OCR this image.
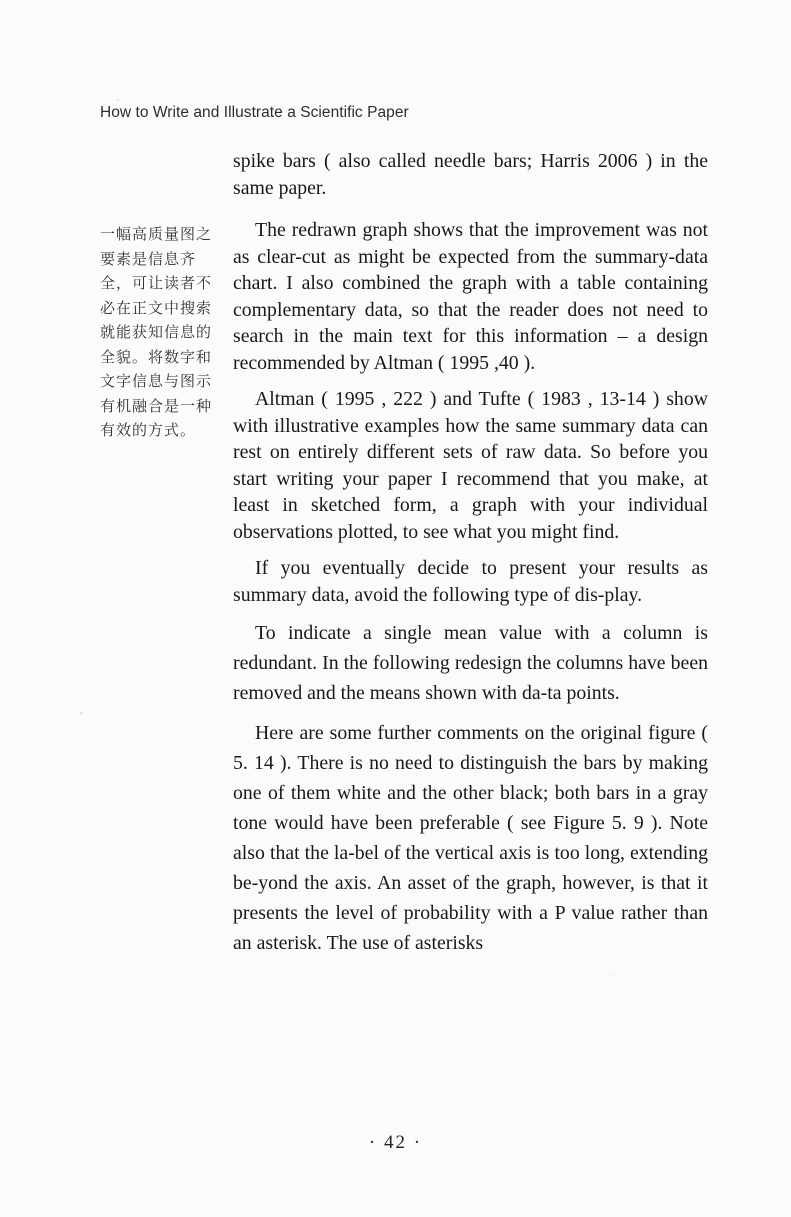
How to Write and Illustrate a Scientific Paper
一幅高质量图之要素是信息齐全，可让读者不必在正文中搜索就能获知信息的全貌。将数字和文字信息与图示有机融合是一种有效的方式。

spike bars ( also called needle bars; Harris 2006 ) in the same paper.

The redrawn graph shows that the improvement was not as clear-cut as might be expected from the summary-data chart. I also combined the graph with a table containing complementary data, so that the reader does not need to search in the main text for this information – a design recommended by Altman ( 1995 ,40 ).

Altman ( 1995 , 222 ) and Tufte ( 1983 , 13-14 ) show with illustrative examples how the same summary data can rest on entirely different sets of raw data. So before you start writing your paper I recommend that you make, at least in sketched form, a graph with your individual observations plotted, to see what you might find.

If you eventually decide to present your results as summary data, avoid the following type of dis-play.

To indicate a single mean value with a column is redundant. In the following redesign the columns have been removed and the means shown with da-ta points.

Here are some further comments on the original figure ( 5. 14 ). There is no need to distinguish the bars by making one of them white and the other black; both bars in a gray tone would have been preferable ( see Figure 5. 9 ). Note also that the la-bel of the vertical axis is too long, extending be-yond the axis. An asset of the graph, however, is that it presents the level of probability with a P value rather than an asterisk. The use of asterisks

· 42 ·
